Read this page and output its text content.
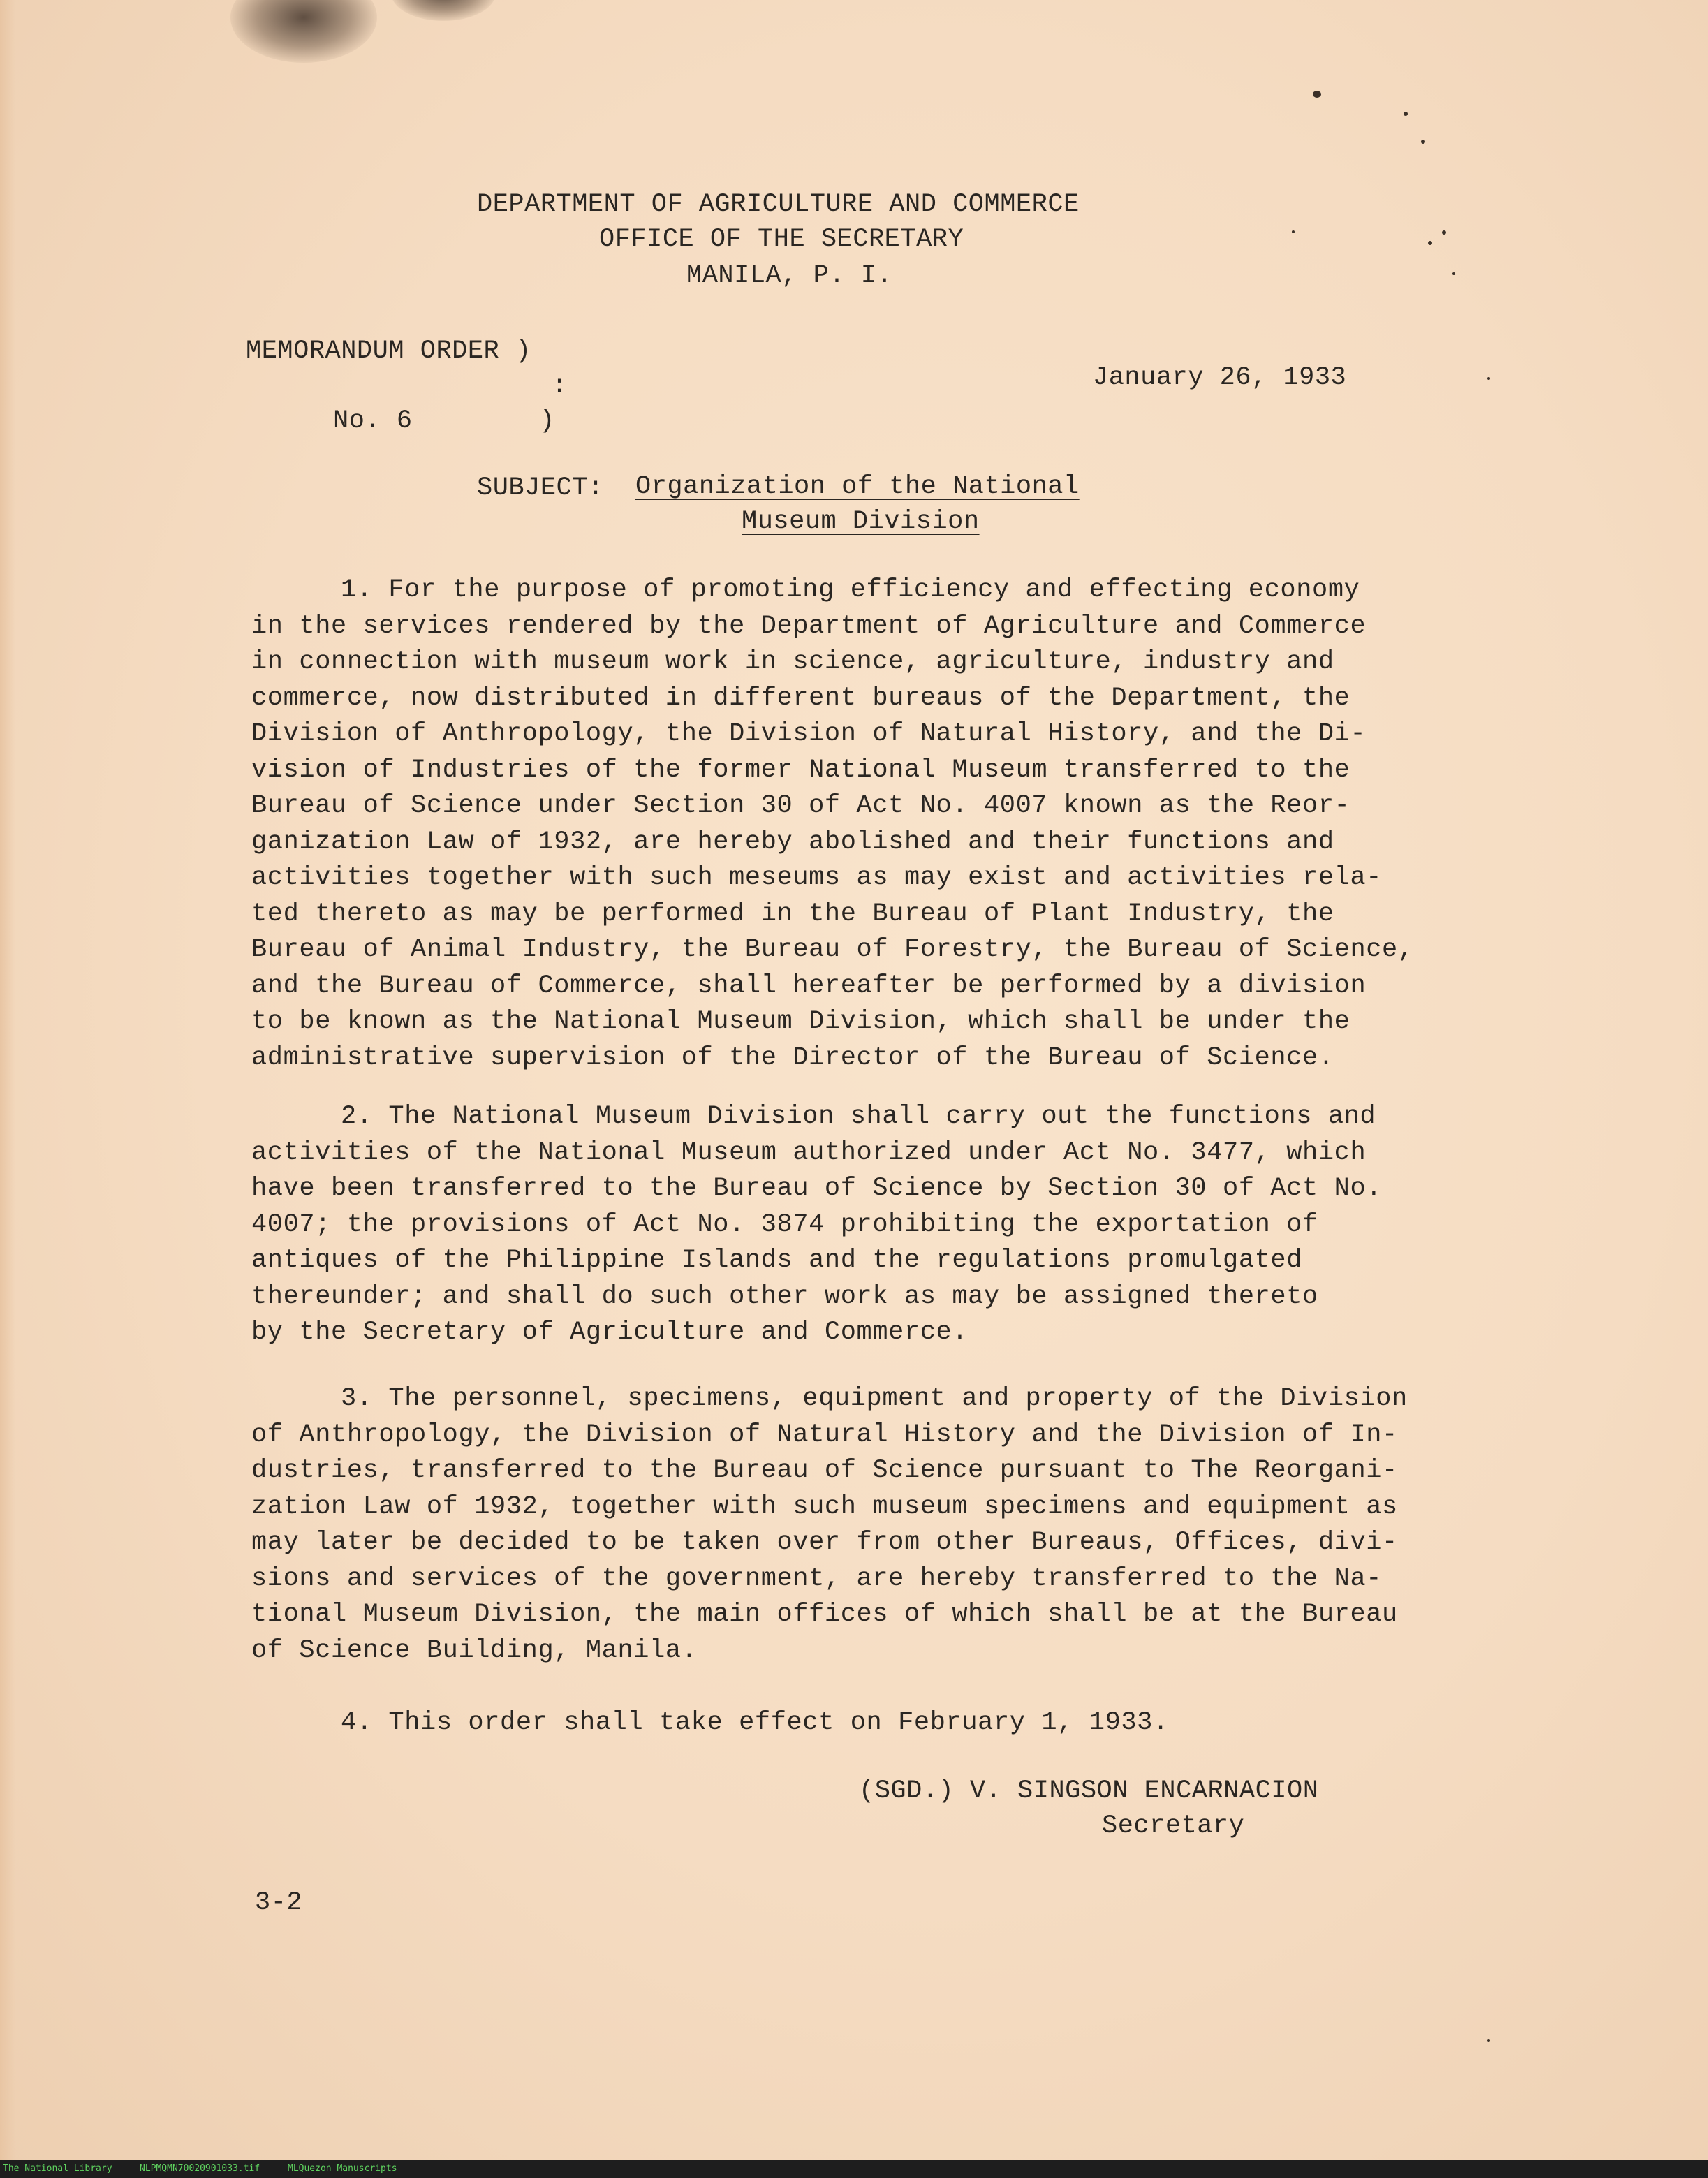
DEPARTMENT OF AGRICULTURE AND COMMERCE

OFFICE OF THE SECRETARY

MANILA, P. I.

MEMORANDUM ORDER )

:

No. 6        )

January 26, 1933

SUBJECT: Organization of the National

Museum Division

1. For the purpose of promoting efficiency and effecting economy
in the services rendered by the Department of Agriculture and Commerce
in connection with museum work in science, agriculture, industry and
commerce, now distributed in different bureaus of the Department, the
Division of Anthropology, the Division of Natural History, and the Di-
vision of Industries of the former National Museum transferred to the
Bureau of Science under Section 30 of Act No. 4007 known as the Reor-
ganization Law of 1932, are hereby abolished and their functions and
activities together with such meseums as may exist and activities rela-
ted thereto as may be performed in the Bureau of Plant Industry, the
Bureau of Animal Industry, the Bureau of Forestry, the Bureau of Science,
and the Bureau of Commerce, shall hereafter be performed by a division
to be known as the National Museum Division, which shall be under the
administrative supervision of the Director of the Bureau of Science.

2. The National Museum Division shall carry out the functions and
activities of the National Museum authorized under Act No. 3477, which
have been transferred to the Bureau of Science by Section 30 of Act No.
4007; the provisions of Act No. 3874 prohibiting the exportation of
antiques of the Philippine Islands and the regulations promulgated
thereunder; and shall do such other work as may be assigned thereto
by the Secretary of Agriculture and Commerce.

3. The personnel, specimens, equipment and property of the Division
of Anthropology, the Division of Natural History and the Division of In-
dustries, transferred to the Bureau of Science pursuant to The Reorgani-
zation Law of 1932, together with such museum specimens and equipment as
may later be decided to be taken over from other Bureaus, Offices, divi-
sions and services of the government, are hereby transferred to the Na-
tional Museum Division, the main offices of which shall be at the Bureau
of Science Building, Manila.

4. This order shall take effect on February 1, 1933.

(SGD.) V. SINGSON ENCARNACION

Secretary

3-2

The National Library	NLPMQMN70020901033.tif	MLQuezon Manuscripts
